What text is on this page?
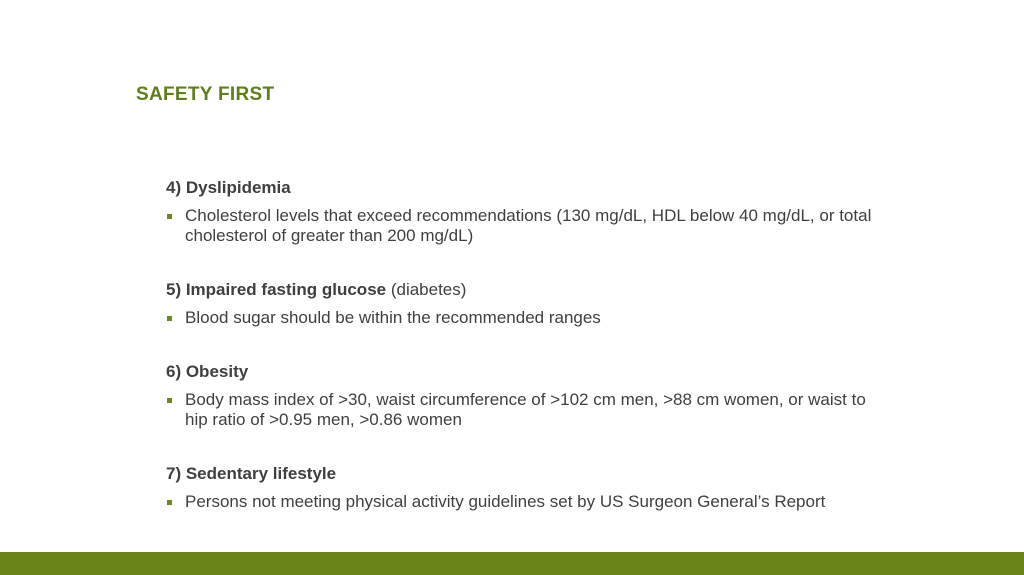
SAFETY FIRST
4) Dyslipidemia
Cholesterol levels that exceed recommendations (130 mg/dL, HDL below 40 mg/dL, or total cholesterol of greater than 200 mg/dL)
5) Impaired fasting glucose (diabetes)
Blood sugar should be within the recommended ranges
6) Obesity
Body mass index of >30, waist circumference of >102 cm men, >88 cm women, or waist to hip ratio of >0.95 men, >0.86 women
7) Sedentary lifestyle
Persons not meeting physical activity guidelines set by US Surgeon General’s Report
